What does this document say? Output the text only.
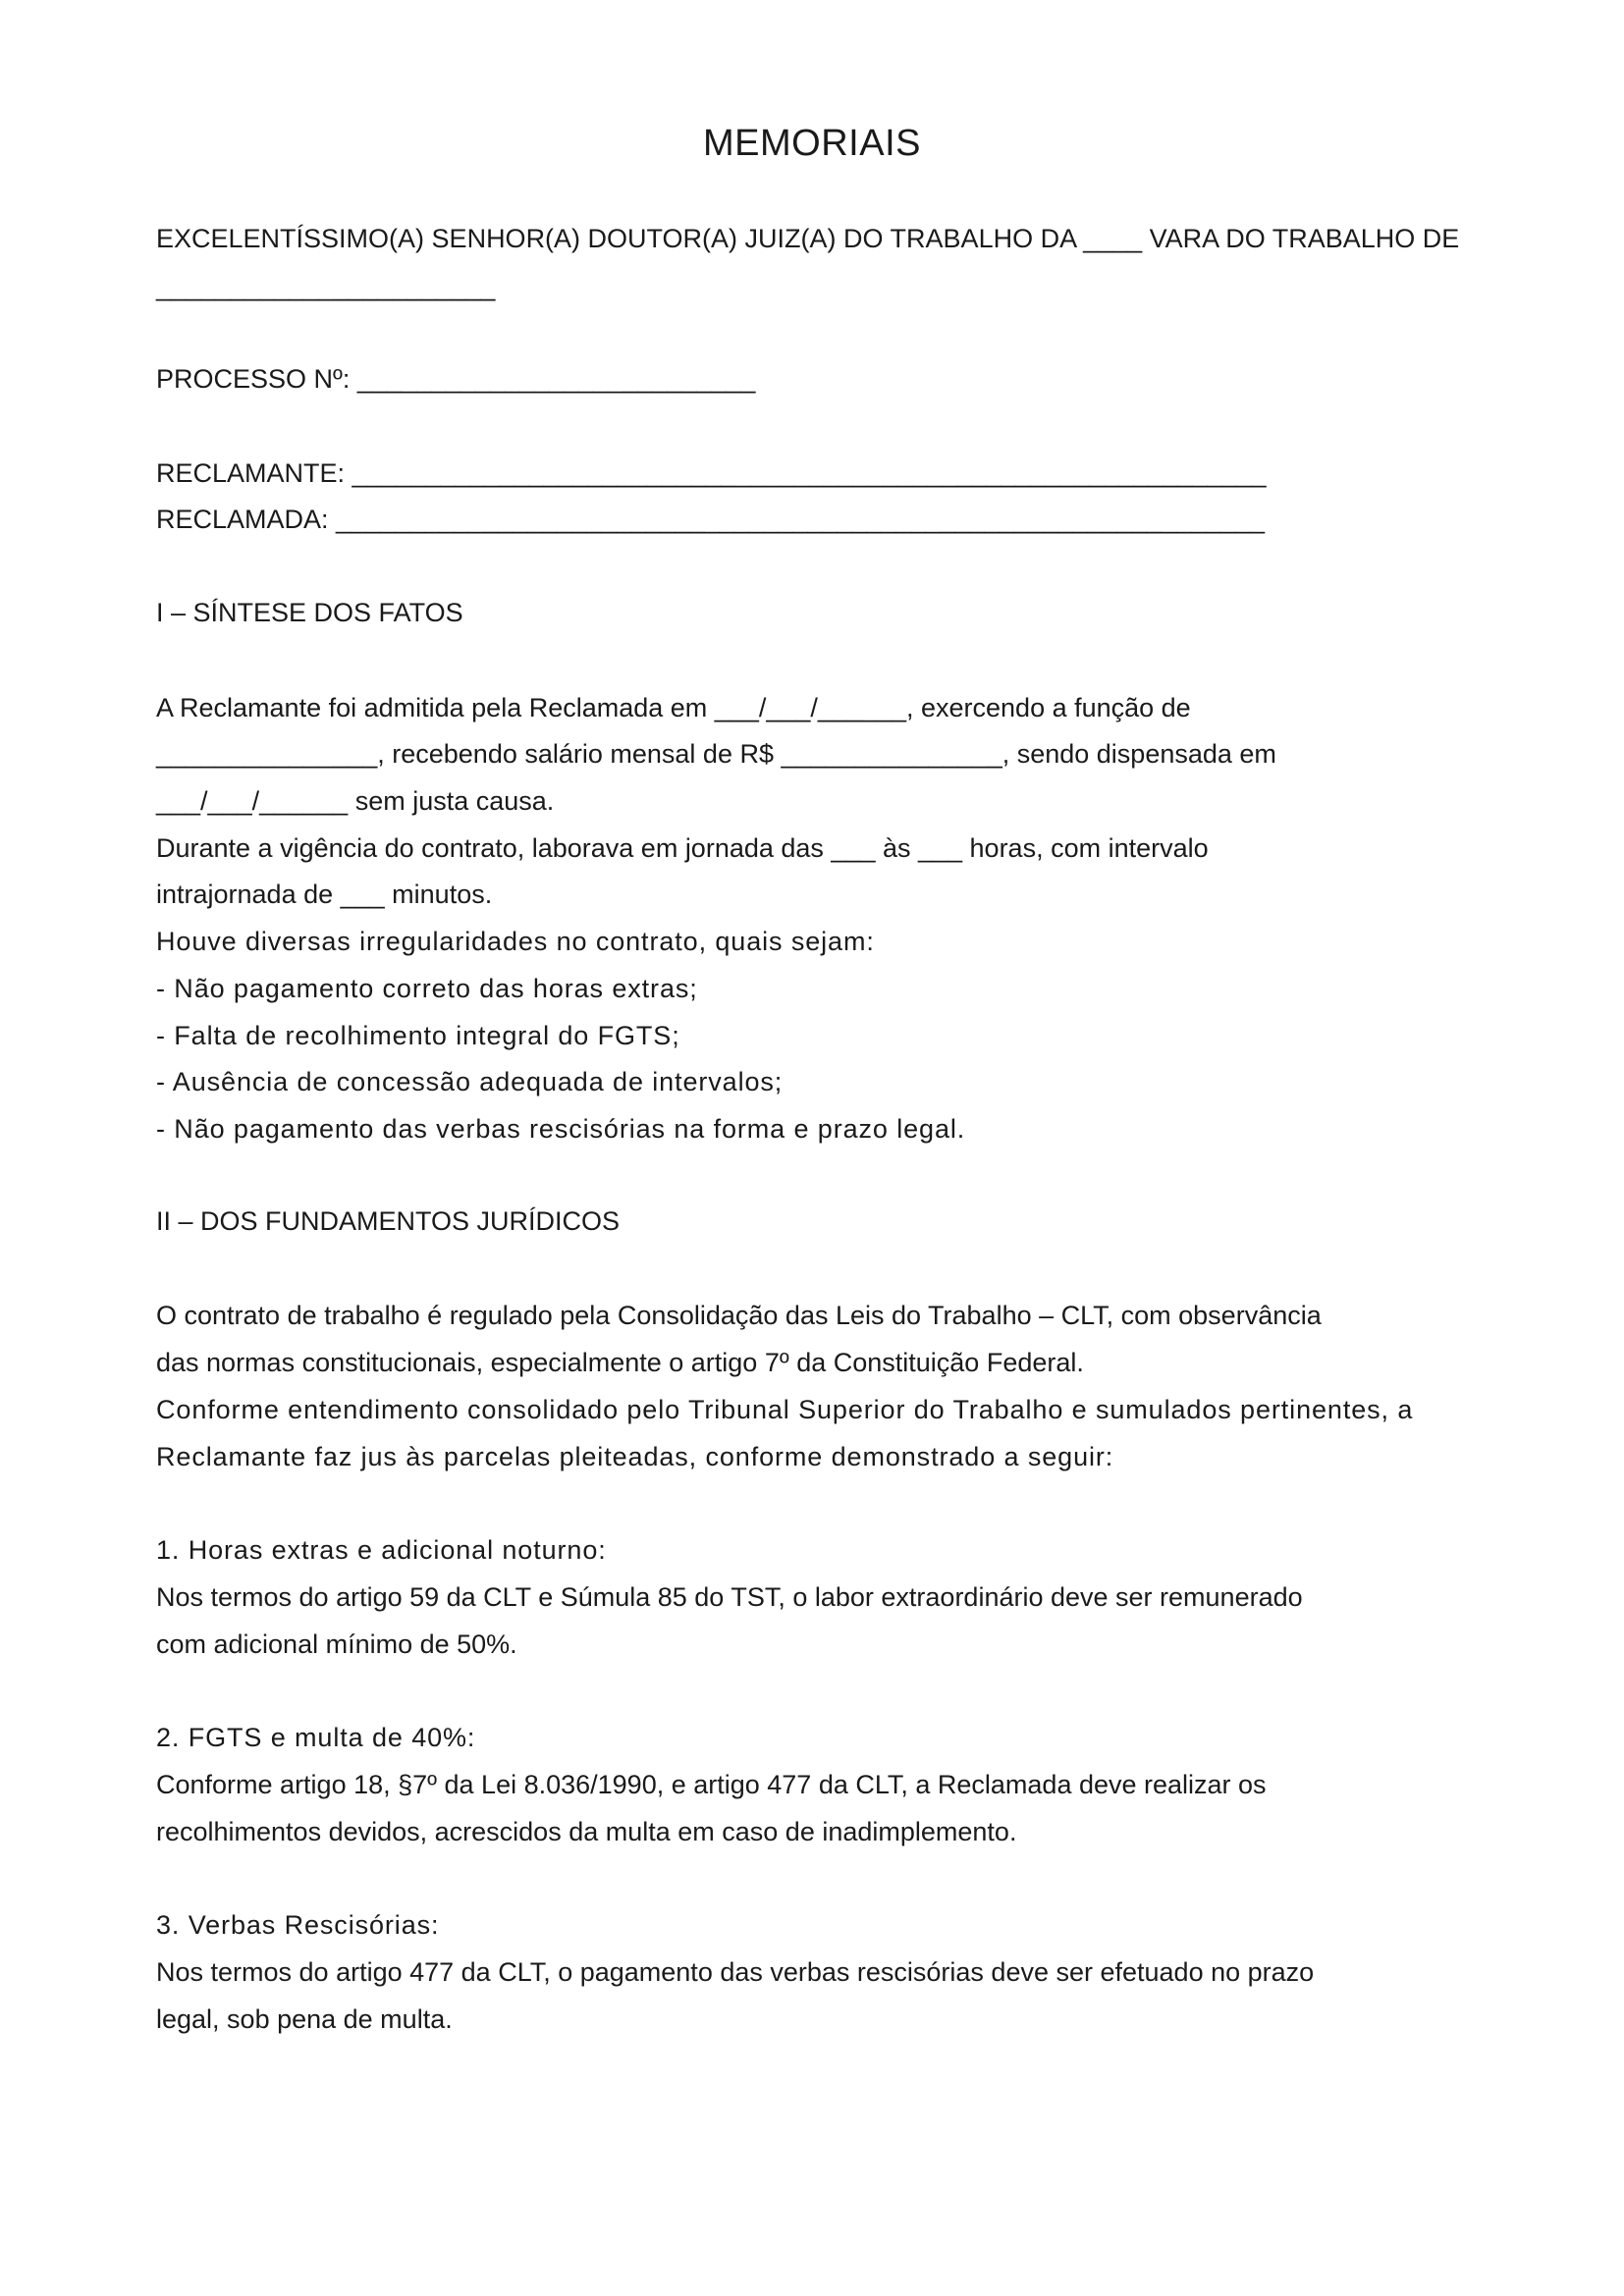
MEMORIAIS
EXCELENTÍSSIMO(A) SENHOR(A) DOUTOR(A) JUIZ(A) DO TRABALHO DA ____ VARA DO TRABALHO DE
_______________________
PROCESSO Nº: ___________________________
RECLAMANTE: ______________________________________________________________
RECLAMADA: _______________________________________________________________
I – SÍNTESE DOS FATOS
A Reclamante foi admitida pela Reclamada em ___/___/______, exercendo a função de
_______________, recebendo salário mensal de R$ _______________, sendo dispensada em
___/___/______ sem justa causa.
Durante a vigência do contrato, laborava em jornada das ___ às ___ horas, com intervalo
intrajornada de ___ minutos.
Houve diversas irregularidades no contrato, quais sejam:
- Não pagamento correto das horas extras;
- Falta de recolhimento integral do FGTS;
- Ausência de concessão adequada de intervalos;
- Não pagamento das verbas rescisórias na forma e prazo legal.
II – DOS FUNDAMENTOS JURÍDICOS
O contrato de trabalho é regulado pela Consolidação das Leis do Trabalho – CLT, com observância
das normas constitucionais, especialmente o artigo 7º da Constituição Federal.
Conforme entendimento consolidado pelo Tribunal Superior do Trabalho e sumulados pertinentes, a
Reclamante faz jus às parcelas pleiteadas, conforme demonstrado a seguir:
1. Horas extras e adicional noturno:
Nos termos do artigo 59 da CLT e Súmula 85 do TST, o labor extraordinário deve ser remunerado
com adicional mínimo de 50%.
2. FGTS e multa de 40%:
Conforme artigo 18, §7º da Lei 8.036/1990, e artigo 477 da CLT, a Reclamada deve realizar os
recolhimentos devidos, acrescidos da multa em caso de inadimplemento.
3. Verbas Rescisórias:
Nos termos do artigo 477 da CLT, o pagamento das verbas rescisórias deve ser efetuado no prazo
legal, sob pena de multa.
